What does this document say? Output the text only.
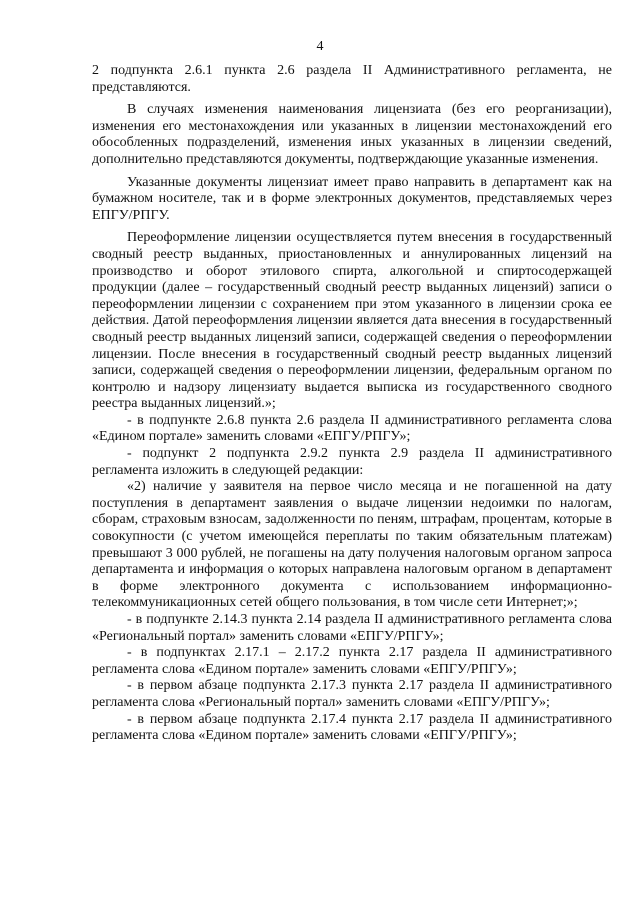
4

2 подпункта 2.6.1 пункта 2.6 раздела II Административного регламента, не представляются.

В случаях изменения наименования лицензиата (без его реорганизации), изменения его местонахождения или указанных в лицензии местонахождений его обособленных подразделений, изменения иных указанных в лицензии сведений, дополнительно представляются документы, подтверждающие указанные изменения.

Указанные документы лицензиат имеет право направить в департамент как на бумажном носителе, так и в форме электронных документов, представляемых через ЕПГУ/РПГУ.

Переоформление лицензии осуществляется путем внесения в государственный сводный реестр выданных, приостановленных и аннулированных лицензий на производство и оборот этилового спирта, алкогольной и спиртосодержащей продукции (далее – государственный сводный реестр выданных лицензий) записи о переоформлении лицензии с сохранением при этом указанного в лицензии срока ее действия. Датой переоформления лицензии является дата внесения в государственный сводный реестр выданных лицензий записи, содержащей сведения о переоформлении лицензии. После внесения в государственный сводный реестр выданных лицензий записи, содержащей сведения о переоформлении лицензии, федеральным органом по контролю и надзору лицензиату выдается выписка из государственного сводного реестра выданных лицензий.»;

- в подпункте 2.6.8 пункта 2.6 раздела II административного регламента слова «Едином портале» заменить словами «ЕПГУ/РПГУ»;

- подпункт 2 подпункта 2.9.2 пункта 2.9 раздела II административного регламента изложить в следующей редакции:

«2) наличие у заявителя на первое число месяца и не погашенной на дату поступления в департамент заявления о выдаче лицензии недоимки по налогам, сборам, страховым взносам, задолженности по пеням, штрафам, процентам, которые в совокупности (с учетом имеющейся переплаты по таким обязательным платежам) превышают 3 000 рублей, не погашены на дату получения налоговым органом запроса департамента и информация о которых направлена налоговым органом в департамент в форме электронного документа с использованием информационно-телекоммуникационных сетей общего пользования, в том числе сети Интернет;»;

- в подпункте 2.14.3 пункта 2.14 раздела II административного регламента слова «Региональный портал» заменить словами «ЕПГУ/РПГУ»;

- в подпунктах 2.17.1 – 2.17.2 пункта 2.17 раздела II административного регламента слова «Едином портале» заменить словами «ЕПГУ/РПГУ»;

- в первом абзаце подпункта 2.17.3 пункта 2.17 раздела II административного регламента слова «Региональный портал» заменить словами «ЕПГУ/РПГУ»;

- в первом абзаце подпункта 2.17.4 пункта 2.17 раздела II административного регламента слова «Едином портале» заменить словами «ЕПГУ/РПГУ»;
